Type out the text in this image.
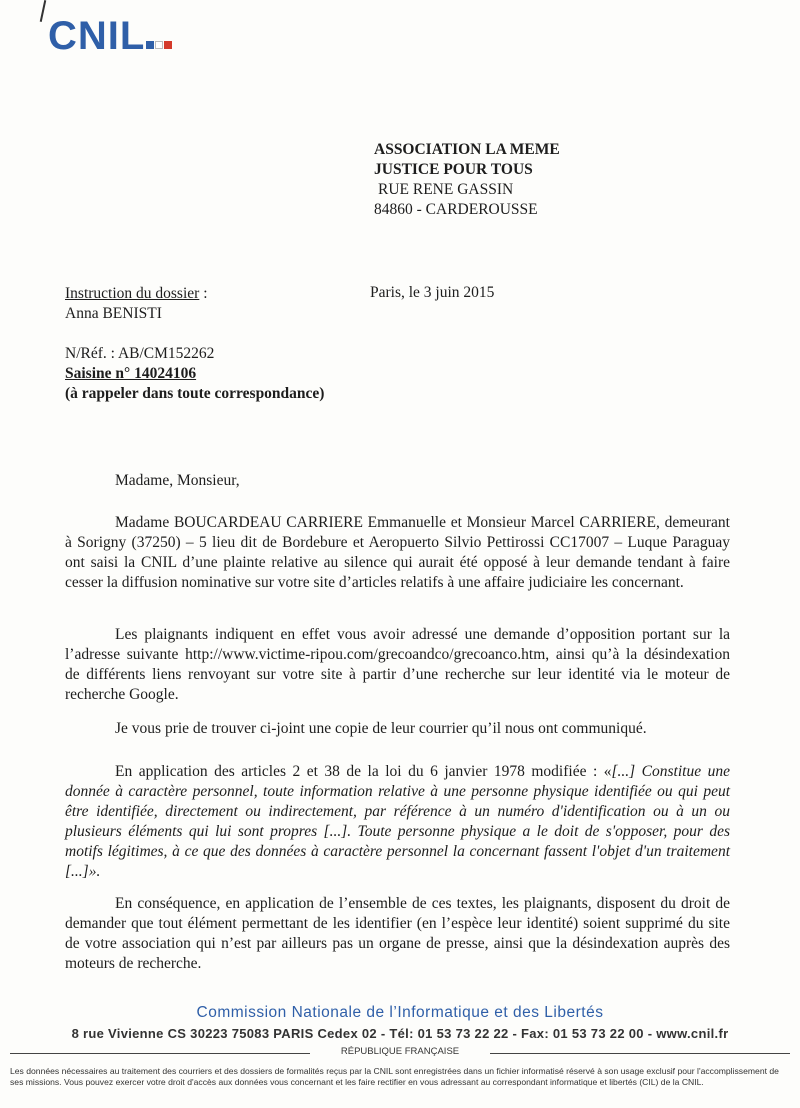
CNIL
ASSOCIATION LA MEME
JUSTICE POUR TOUS
RUE RENE GASSIN
84860 - CARDEROUSSE
Instruction du dossier :
Anna BENISTI
Paris, le 3 juin 2015
N/Réf. : AB/CM152262
Saisine n° 14024106
(à rappeler dans toute correspondance)
Madame, Monsieur,

Madame BOUCARDEAU CARRIERE Emmanuelle et Monsieur Marcel CARRIERE, demeurant à Sorigny (37250) – 5 lieu dit de Bordebure et Aeropuerto Silvio Pettirossi CC17007 – Luque Paraguay ont saisi la CNIL d’une plainte relative au silence qui aurait été opposé à leur demande tendant à faire cesser la diffusion nominative sur votre site d’articles relatifs à une affaire judiciaire les concernant.

Les plaignants indiquent en effet vous avoir adressé une demande d’opposition portant sur la l’adresse suivante http://www.victime-ripou.com/grecoandco/grecoanco.htm, ainsi qu’à la désindexation de différents liens renvoyant sur votre site à partir d’une recherche sur leur identité via le moteur de recherche Google.

Je vous prie de trouver ci-joint une copie de leur courrier qu’il nous ont communiqué.

En application des articles 2 et 38 de la loi du 6 janvier 1978 modifiée : «[...] Constitue une donnée à caractère personnel, toute information relative à une personne physique identifiée ou qui peut être identifiée, directement ou indirectement, par référence à un numéro d'identification ou à un ou plusieurs éléments qui lui sont propres [...]. Toute personne physique a le doit de s'opposer, pour des motifs légitimes, à ce que des données à caractère personnel la concernant fassent l'objet d'un traitement [...]».

En conséquence, en application de l’ensemble de ces textes, les plaignants, disposent du droit de demander que tout élément permettant de les identifier (en l’espèce leur identité) soient supprimé du site de votre association qui n’est par ailleurs pas un organe de presse, ainsi que la désindexation auprès des moteurs de recherche.

Commission Nationale de l’Informatique et des Libertés
8 rue Vivienne CS 30223 75083 PARIS Cedex 02 - Tél: 01 53 73 22 22 - Fax: 01 53 73 22 00 - www.cnil.fr
RÉPUBLIQUE FRANÇAISE
Les données nécessaires au traitement des courriers et des dossiers de formalités reçus par la CNIL sont enregistrées dans un fichier informatisé réservé à son usage exclusif pour l'accomplissement de ses missions. Vous pouvez exercer votre droit d'accès aux données vous concernant et les faire rectifier en vous adressant au correspondant informatique et libertés (CIL) de la CNIL.
